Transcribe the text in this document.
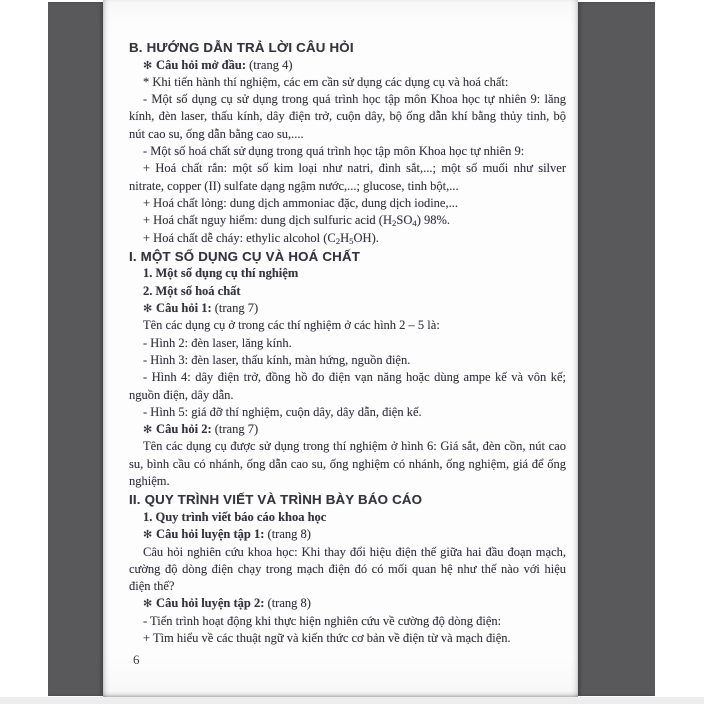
B. HƯỚNG DẪN TRẢ LỜI CÂU HỎI

✻ Câu hỏi mở đầu: (trang 4)

* Khi tiến hành thí nghiệm, các em cần sử dụng các dụng cụ và hoá chất:

- Một số dụng cụ sử dụng trong quá trình học tập môn Khoa học tự nhiên 9: lăng kính, đèn laser, thấu kính, dây điện trở, cuộn dây, bộ ống dẫn khí bằng thủy tinh, bộ nút cao su, ống dẫn bằng cao su,....

- Một số hoá chất sử dụng trong quá trình học tập môn Khoa học tự nhiên 9:

+ Hoá chất rắn: một số kim loại như natri, đinh sắt,...; một số muối như silver nitrate, copper (II) sulfate dạng ngậm nước,...; glucose, tinh bột,...

+ Hoá chất lỏng: dung dịch ammoniac đặc, dung dịch iodine,...

+ Hoá chất nguy hiểm: dung dịch sulfuric acid $(H_2SO_4)$ 98%.

+ Hoá chất dễ cháy: ethylic alcohol $(C_2H_5OH)$.

I. MỘT SỐ DỤNG CỤ VÀ HOÁ CHẤT

1. Một số dụng cụ thí nghiệm

2. Một số hoá chất

✻ Câu hỏi 1: (trang 7)

Tên các dụng cụ ở trong các thí nghiệm ở các hình 2 – 5 là:

- Hình 2: đèn laser, lăng kính.

- Hình 3: đèn laser, thấu kính, màn hứng, nguồn điện.

- Hình 4: dây điện trở, đồng hồ đo điện vạn năng hoặc dùng ampe kế và vôn kế; nguồn điện, dây dẫn.

- Hình 5: giá đỡ thí nghiệm, cuộn dây, dây dẫn, điện kế.

✻ Câu hỏi 2: (trang 7)

Tên các dụng cụ được sử dụng trong thí nghiệm ở hình 6: Giá sắt, đèn cồn, nút cao su, bình cầu có nhánh, ống dẫn cao su, ống nghiệm có nhánh, ống nghiệm, giá để ống nghiệm.

II. QUY TRÌNH VIẾT VÀ TRÌNH BÀY BÁO CÁO

1. Quy trình viết báo cáo khoa học

✻ Câu hỏi luyện tập 1: (trang 8)

Câu hỏi nghiên cứu khoa học: Khi thay đổi hiệu điện thế giữa hai đầu đoạn mạch, cường độ dòng điện chạy trong mạch điện đó có mối quan hệ như thế nào với hiệu điện thế?

✻ Câu hỏi luyện tập 2: (trang 8)

- Tiến trình hoạt động khi thực hiện nghiên cứu về cường độ dòng điện:

+ Tìm hiểu về các thuật ngữ và kiến thức cơ bản về điện từ và mạch điện.

6
